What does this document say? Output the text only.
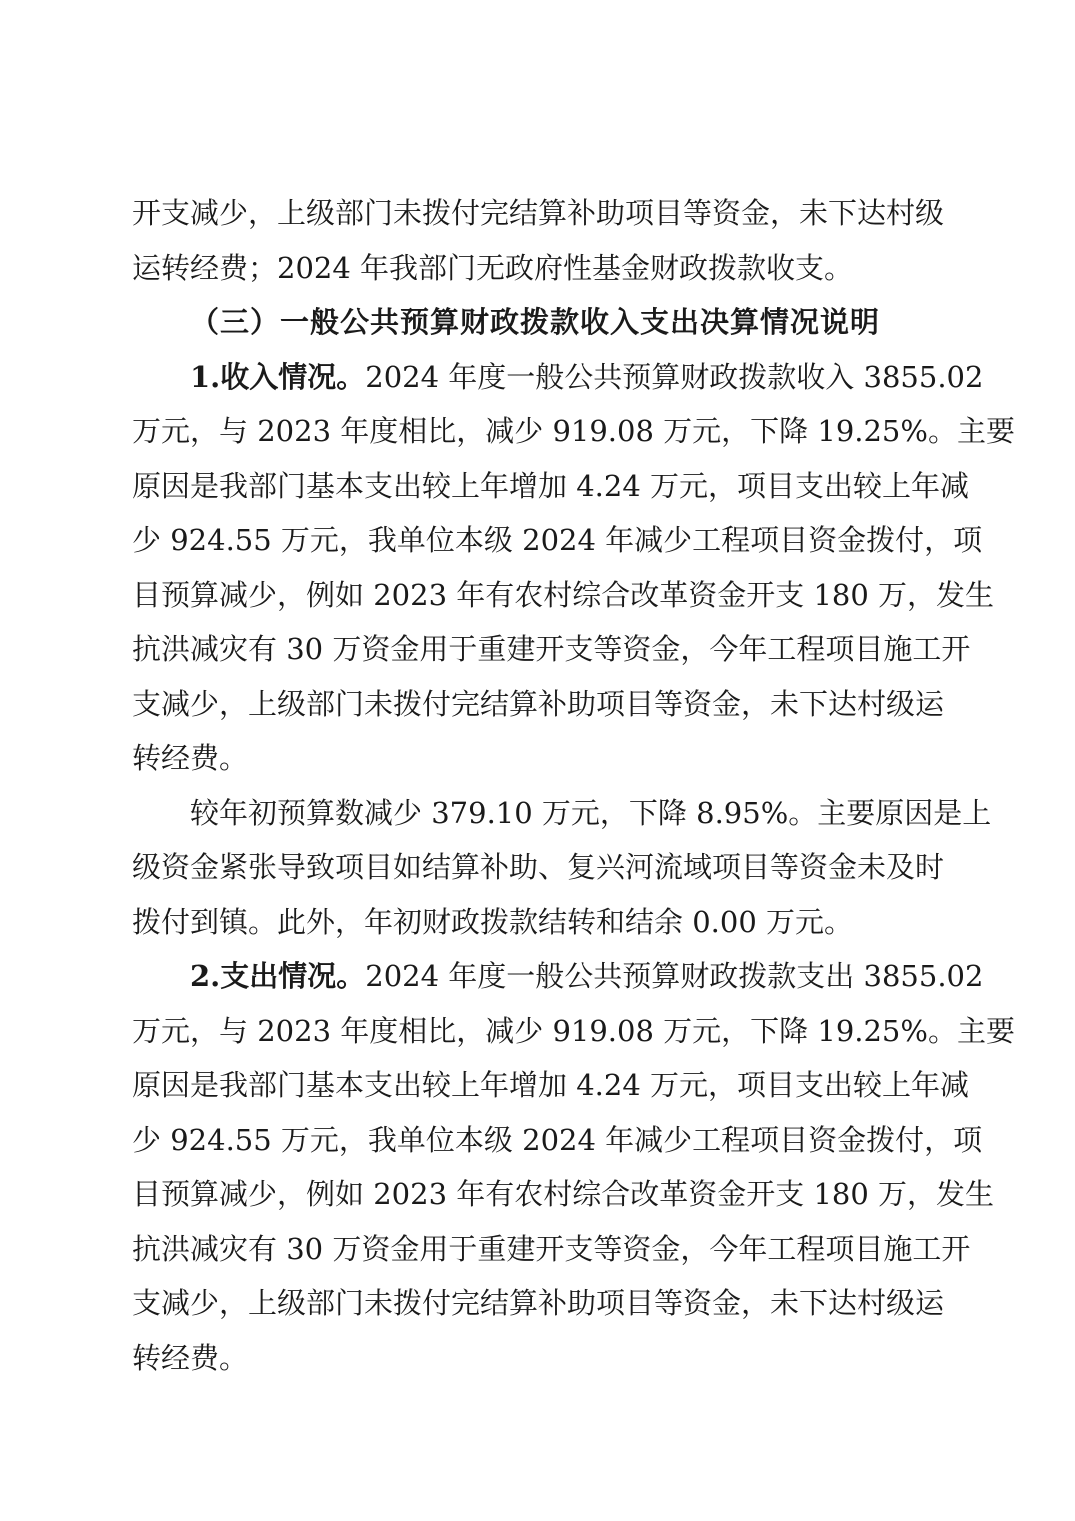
开支减少，上级部门未拨付完结算补助项目等资金，未下达村级
运转经费；2024 年我部门无政府性基金财政拨款收支。
（三）一般公共预算财政拨款收入支出决算情况说明
1.收入情况。2024 年度一般公共预算财政拨款收入 3855.02
万元，与 2023 年度相比，减少 919.08 万元，下降 19.25%。主要
原因是我部门基本支出较上年增加 4.24 万元，项目支出较上年减
少 924.55 万元，我单位本级 2024 年减少工程项目资金拨付，项
目预算减少，例如 2023 年有农村综合改革资金开支 180 万，发生
抗洪减灾有 30 万资金用于重建开支等资金，今年工程项目施工开
支减少，上级部门未拨付完结算补助项目等资金，未下达村级运
转经费。
较年初预算数减少 379.10 万元，下降 8.95%。主要原因是上
级资金紧张导致项目如结算补助、复兴河流域项目等资金未及时
拨付到镇。此外，年初财政拨款结转和结余 0.00 万元。
2.支出情况。2024 年度一般公共预算财政拨款支出 3855.02
万元，与 2023 年度相比，减少 919.08 万元，下降 19.25%。主要
原因是我部门基本支出较上年增加 4.24 万元，项目支出较上年减
少 924.55 万元，我单位本级 2024 年减少工程项目资金拨付，项
目预算减少，例如 2023 年有农村综合改革资金开支 180 万，发生
抗洪减灾有 30 万资金用于重建开支等资金，今年工程项目施工开
支减少，上级部门未拨付完结算补助项目等资金，未下达村级运
转经费。
